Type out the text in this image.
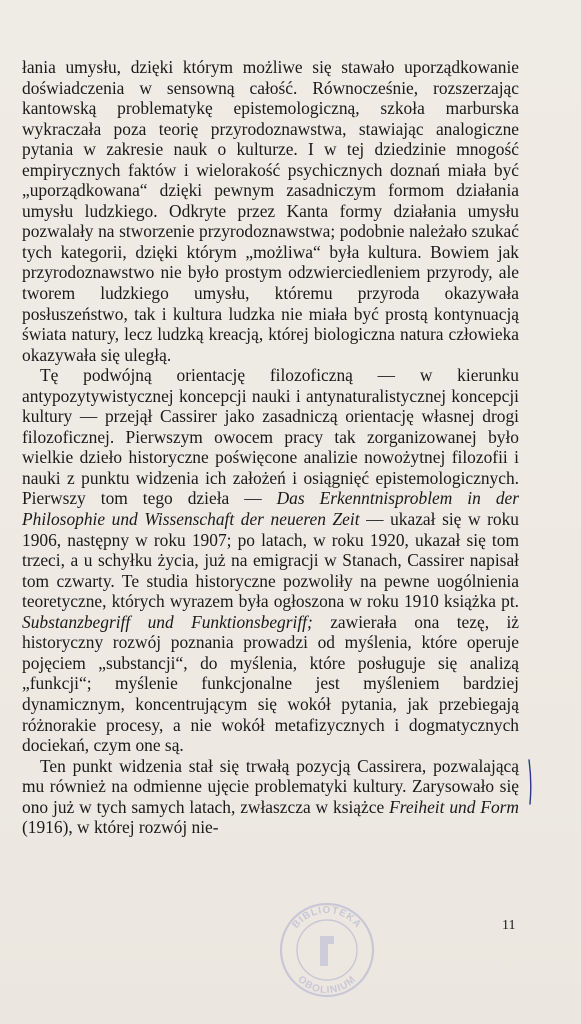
łania umysłu, dzięki którym możliwe się stawało uporządkowanie doświadczenia w sensowną całość. Równocześnie, rozszerzając kantowską problematykę epistemologiczną, szkoła marburska wykraczała poza teorię przyrodoznawstwa, stawiając analogiczne pytania w zakresie nauk o kulturze. I w tej dziedzinie mnogość empirycznych faktów i wielorakość psychicznych doznań miała być „uporządkowana“ dzięki pewnym zasadniczym formom działania umysłu ludzkiego. Odkryte przez Kanta formy działania umysłu pozwalały na stworzenie przyrodoznawstwa; podobnie należało szukać tych kategorii, dzięki którym „możliwa“ była kultura. Bowiem jak przyrodoznawstwo nie było prostym odzwierciedleniem przyrody, ale tworem ludzkiego umysłu, któremu przyroda okazywała posłuszeństwo, tak i kultura ludzka nie miała być prostą kontynuacją świata natury, lecz ludzką kreacją, której biologiczna natura człowieka okazywała się uległą.

Tę podwójną orientację filozoficzną — w kierunku antypozytywistycznej koncepcji nauki i antynaturalistycznej koncepcji kultury — przejął Cassirer jako zasadniczą orientację własnej drogi filozoficznej. Pierwszym owocem pracy tak zorganizowanej było wielkie dzieło historyczne poświęcone analizie nowożytnej filozofii i nauki z punktu widzenia ich założeń i osiągnięć epistemologicznych. Pierwszy tom tego dzieła — Das Erkenntnisproblem in der Philosophie und Wissenschaft der neueren Zeit — ukazał się w roku 1906, następny w roku 1907; po latach, w roku 1920, ukazał się tom trzeci, a u schyłku życia, już na emigracji w Stanach, Cassirer napisał tom czwarty. Te studia historyczne pozwoliły na pewne uogólnienia teoretyczne, których wyrazem była ogłoszona w roku 1910 książka pt. Substanzbegriff und Funktionsbegriff; zawierała ona tezę, iż historyczny rozwój poznania prowadzi od myślenia, które operuje pojęciem „substancji“, do myślenia, które posługuje się analizą „funkcji“; myślenie funkcjonalne jest myśleniem bardziej dynamicznym, koncentrującym się wokół pytania, jak przebiegają różnorakie procesy, a nie wokół metafizycznych i dogmatycznych dociekań, czym one są.

Ten punkt widzenia stał się trwałą pozycją Cassirera, pozwalającą mu również na odmienne ujęcie problematyki kultury. Zarysowało się ono już w tych samych latach, zwłaszcza w książce Freiheit und Form (1916), w której rozwój nie-

BIBLIOTEKA
OBOLINIUM
11
